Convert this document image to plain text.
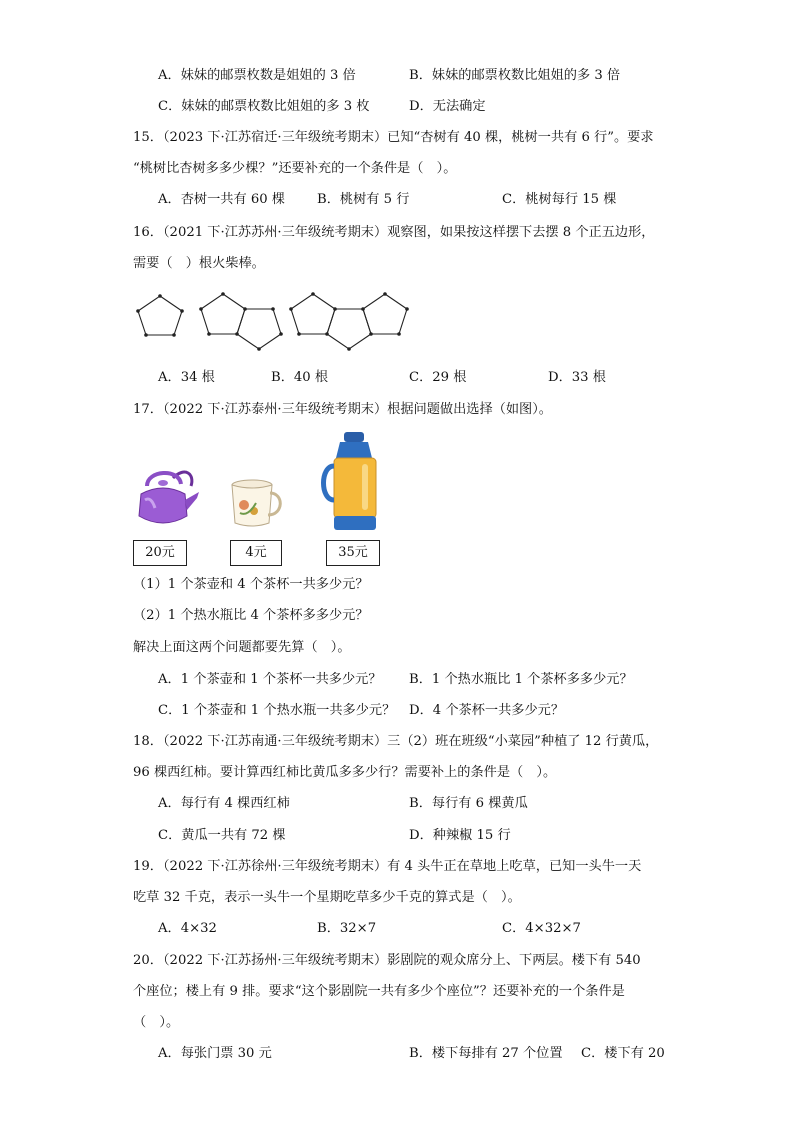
A．妹妹的邮票枚数是姐姐的 3 倍	B．妹妹的邮票枚数比姐姐的多 3 倍
C．妹妹的邮票枚数比姐姐的多 3 枚	D．无法确定
15．（2023 下·江苏宿迁·三年级统考期末）已知“杏树有 40 棵，桃树一共有 6 行”。要求
“桃树比杏树多多少棵？”还要补充的一个条件是（　）。
A．杏树一共有 60 棵 B．桃树有 5 行	C．桃树每行 15 棵
16．（2021 下·江苏苏州·三年级统考期末）观察图，如果按这样摆下去摆 8 个正五边形，
需要（　）根火柴棒。
A．34 根	B．40 根	C．29 根	D．33 根
17．（2022 下·江苏泰州·三年级统考期末）根据问题做出选择（如图）。
20元	4元	35元
（1）1 个茶壶和 4 个茶杯一共多少元？
（2）1 个热水瓶比 4 个茶杯多多少元？
解决上面这两个问题都要先算（　）。
A．1 个茶壶和 1 个茶杯一共多少元？ B．1 个热水瓶比 1 个茶杯多多少元？
C．1 个茶壶和 1 个热水瓶一共多少元？ D．4 个茶杯一共多少元？
18．（2022 下·江苏南通·三年级统考期末）三（2）班在班级“小菜园”种植了 12 行黄瓜，
96 棵西红柿。要计算西红柿比黄瓜多多少行？需要补上的条件是（　）。
A．每行有 4 棵西红柿	B．每行有 6 棵黄瓜
C．黄瓜一共有 72 棵	D．种辣椒 15 行
19．（2022 下·江苏徐州·三年级统考期末）有 4 头牛正在草地上吃草，已知一头牛一天
吃草 32 千克，表示一头牛一个星期吃草多少千克的算式是（　）。
A．4×32	B．32×7	C．4×32×7
20．（2022 下·江苏扬州·三年级统考期末）影剧院的观众席分上、下两层。楼下有 540
个座位；楼上有 9 排。要求“这个影剧院一共有多少个座位”？还要补充的一个条件是
（　）。
A．每张门票 30 元	B．楼下每排有 27 个位置 C．楼下有 20
